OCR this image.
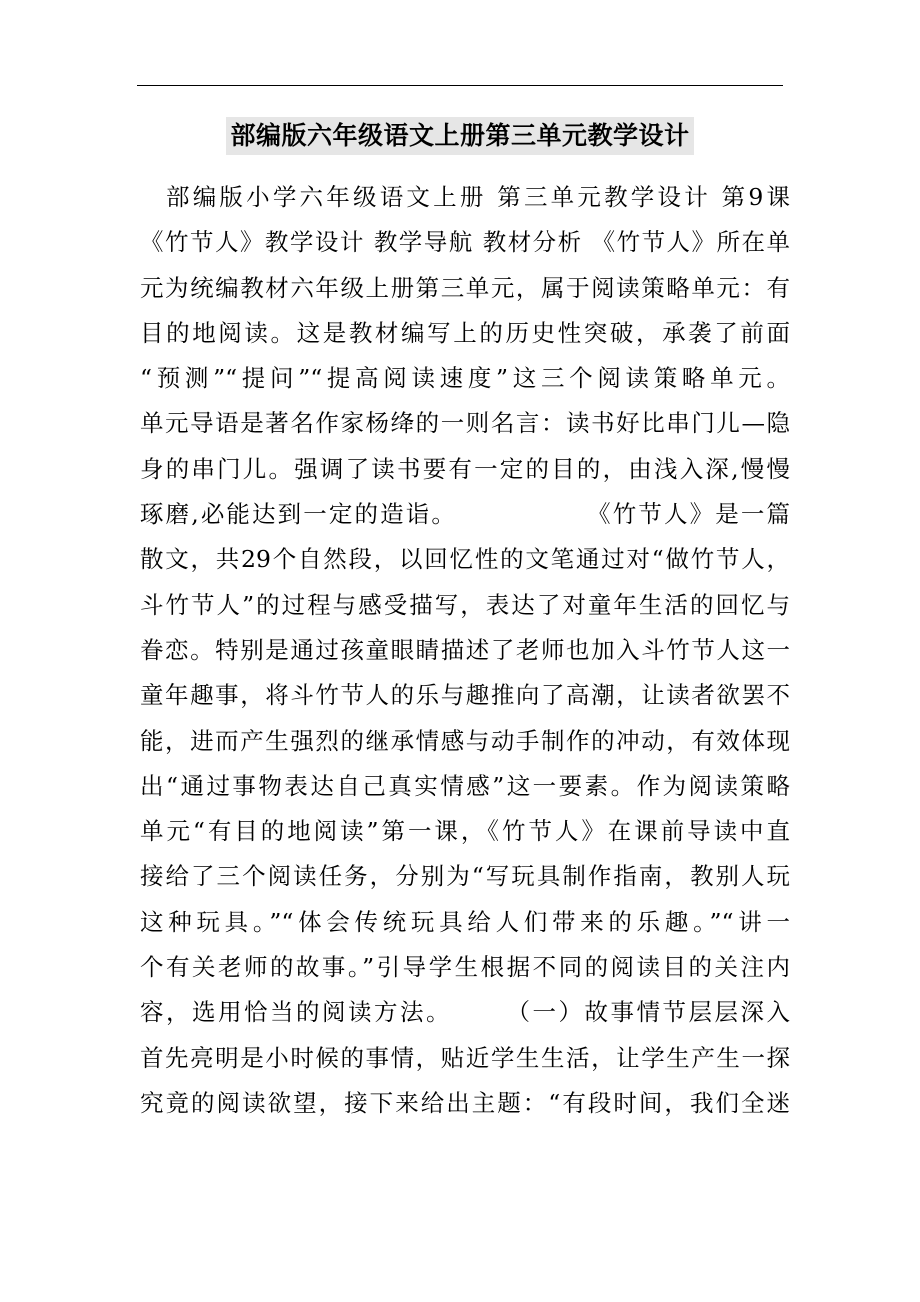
部编版六年级语文上册第三单元教学设计
部编版小学六年级语文上册 第三单元教学设计 第9课
《竹节人》教学设计 教学导航 教材分析 《竹节人》所在单
元为统编教材六年级上册第三单元，属于阅读策略单元：有
目的地阅读。这是教材编写上的历史性突破，承袭了前面
“预测”“提问”“提高阅读速度”这三个阅读策略单元。
单元导语是著名作家杨绛的一则名言：读书好比串门儿—隐
身的串门儿。强调了读书要有一定的目的，由浅入深,慢慢
琢磨,必能达到一定的造诣。　　　　　　《竹节人》是一篇
散文，共29个自然段，以回忆性的文笔通过对“做竹节人，
斗竹节人”的过程与感受描写，表达了对童年生活的回忆与
眷恋。特别是通过孩童眼睛描述了老师也加入斗竹节人这一
童年趣事，将斗竹节人的乐与趣推向了高潮，让读者欲罢不
能，进而产生强烈的继承情感与动手制作的冲动，有效体现
出“通过事物表达自己真实情感”这一要素。作为阅读策略
单元“有目的地阅读”第一课，《竹节人》在课前导读中直
接给了三个阅读任务，分别为“写玩具制作指南，教别人玩
这种玩具。”“体会传统玩具给人们带来的乐趣。”“讲一
个有关老师的故事。”引导学生根据不同的阅读目的关注内
容，选用恰当的阅读方法。　　　（一）故事情节层层深入
首先亮明是小时候的事情，贴近学生生活，让学生产生一探
究竟的阅读欲望，接下来给出主题：“有段时间，我们全迷
